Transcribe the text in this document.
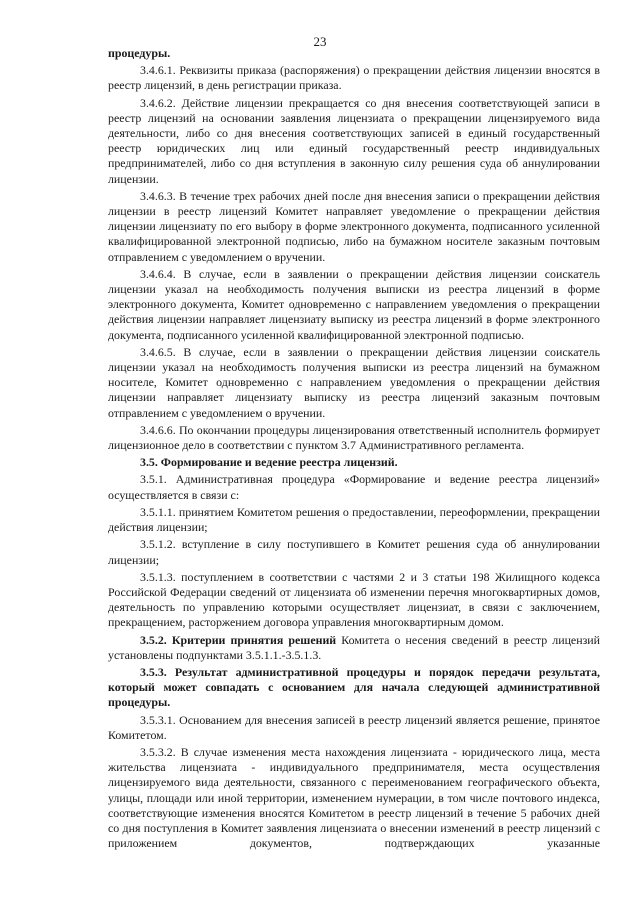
23

процедуры.

3.4.6.1. Реквизиты приказа (распоряжения) о прекращении действия лицензии вносятся в реестр лицензий, в день регистрации приказа.

3.4.6.2. Действие лицензии прекращается со дня внесения соответствующей записи в реестр лицензий на основании заявления лицензиата о прекращении лицензируемого вида деятельности, либо со дня внесения соответствующих записей в единый государственный реестр юридических лиц или единый государственный реестр индивидуальных предпринимателей, либо со дня вступления в законную силу решения суда об аннулировании лицензии.

3.4.6.3. В течение трех рабочих дней после дня внесения записи о прекращении действия лицензии в реестр лицензий Комитет направляет уведомление о прекращении действия лицензии лицензиату по его выбору в форме электронного документа, подписанного усиленной квалифицированной электронной подписью, либо на бумажном носителе заказным почтовым отправлением с уведомлением о вручении.

3.4.6.4. В случае, если в заявлении о прекращении действия лицензии соискатель лицензии указал на необходимость получения выписки из реестра лицензий в форме электронного документа, Комитет одновременно с направлением уведомления о прекращении действия лицензии направляет лицензиату выписку из реестра лицензий в форме электронного документа, подписанного усиленной квалифицированной электронной подписью.

3.4.6.5. В случае, если в заявлении о прекращении действия лицензии соискатель лицензии указал на необходимость получения выписки из реестра лицензий на бумажном носителе, Комитет одновременно с направлением уведомления о прекращении действия лицензии направляет лицензиату выписку из реестра лицензий заказным почтовым отправлением с уведомлением о вручении.

3.4.6.6. По окончании процедуры лицензирования ответственный исполнитель формирует лицензионное дело в соответствии с пунктом 3.7 Административного регламента.

3.5. Формирование и ведение реестра лицензий.

3.5.1. Административная процедура «Формирование и ведение реестра лицензий» осуществляется в связи с:

3.5.1.1. принятием Комитетом решения о предоставлении, переоформлении, прекращении действия лицензии;

3.5.1.2. вступление в силу поступившего в Комитет решения суда об аннулировании лицензии;

3.5.1.3. поступлением в соответствии с частями 2 и 3 статьи 198 Жилищного кодекса Российской Федерации сведений от лицензиата об изменении перечня многоквартирных домов, деятельность по управлению которыми осуществляет лицензиат, в связи с заключением, прекращением, расторжением договора управления многоквартирным домом.

3.5.2. Критерии принятия решений Комитета о несения сведений в реестр лицензий установлены подпунктами 3.5.1.1.-3.5.1.3.

3.5.3. Результат административной процедуры и порядок передачи результата, который может совпадать с основанием для начала следующей административной процедуры.

3.5.3.1. Основанием для внесения записей в реестр лицензий является решение, принятое Комитетом.

3.5.3.2. В случае изменения места нахождения лицензиата - юридического лица, места жительства лицензиата - индивидуального предпринимателя, места осуществления лицензируемого вида деятельности, связанного с переименованием географического объекта, улицы, площади или иной территории, изменением нумерации, в том числе почтового индекса, соответствующие изменения вносятся Комитетом в реестр лицензий в течение 5 рабочих дней со дня поступления в Комитет заявления лицензиата о внесении изменений в реестр лицензий с приложением документов, подтверждающих указанные
